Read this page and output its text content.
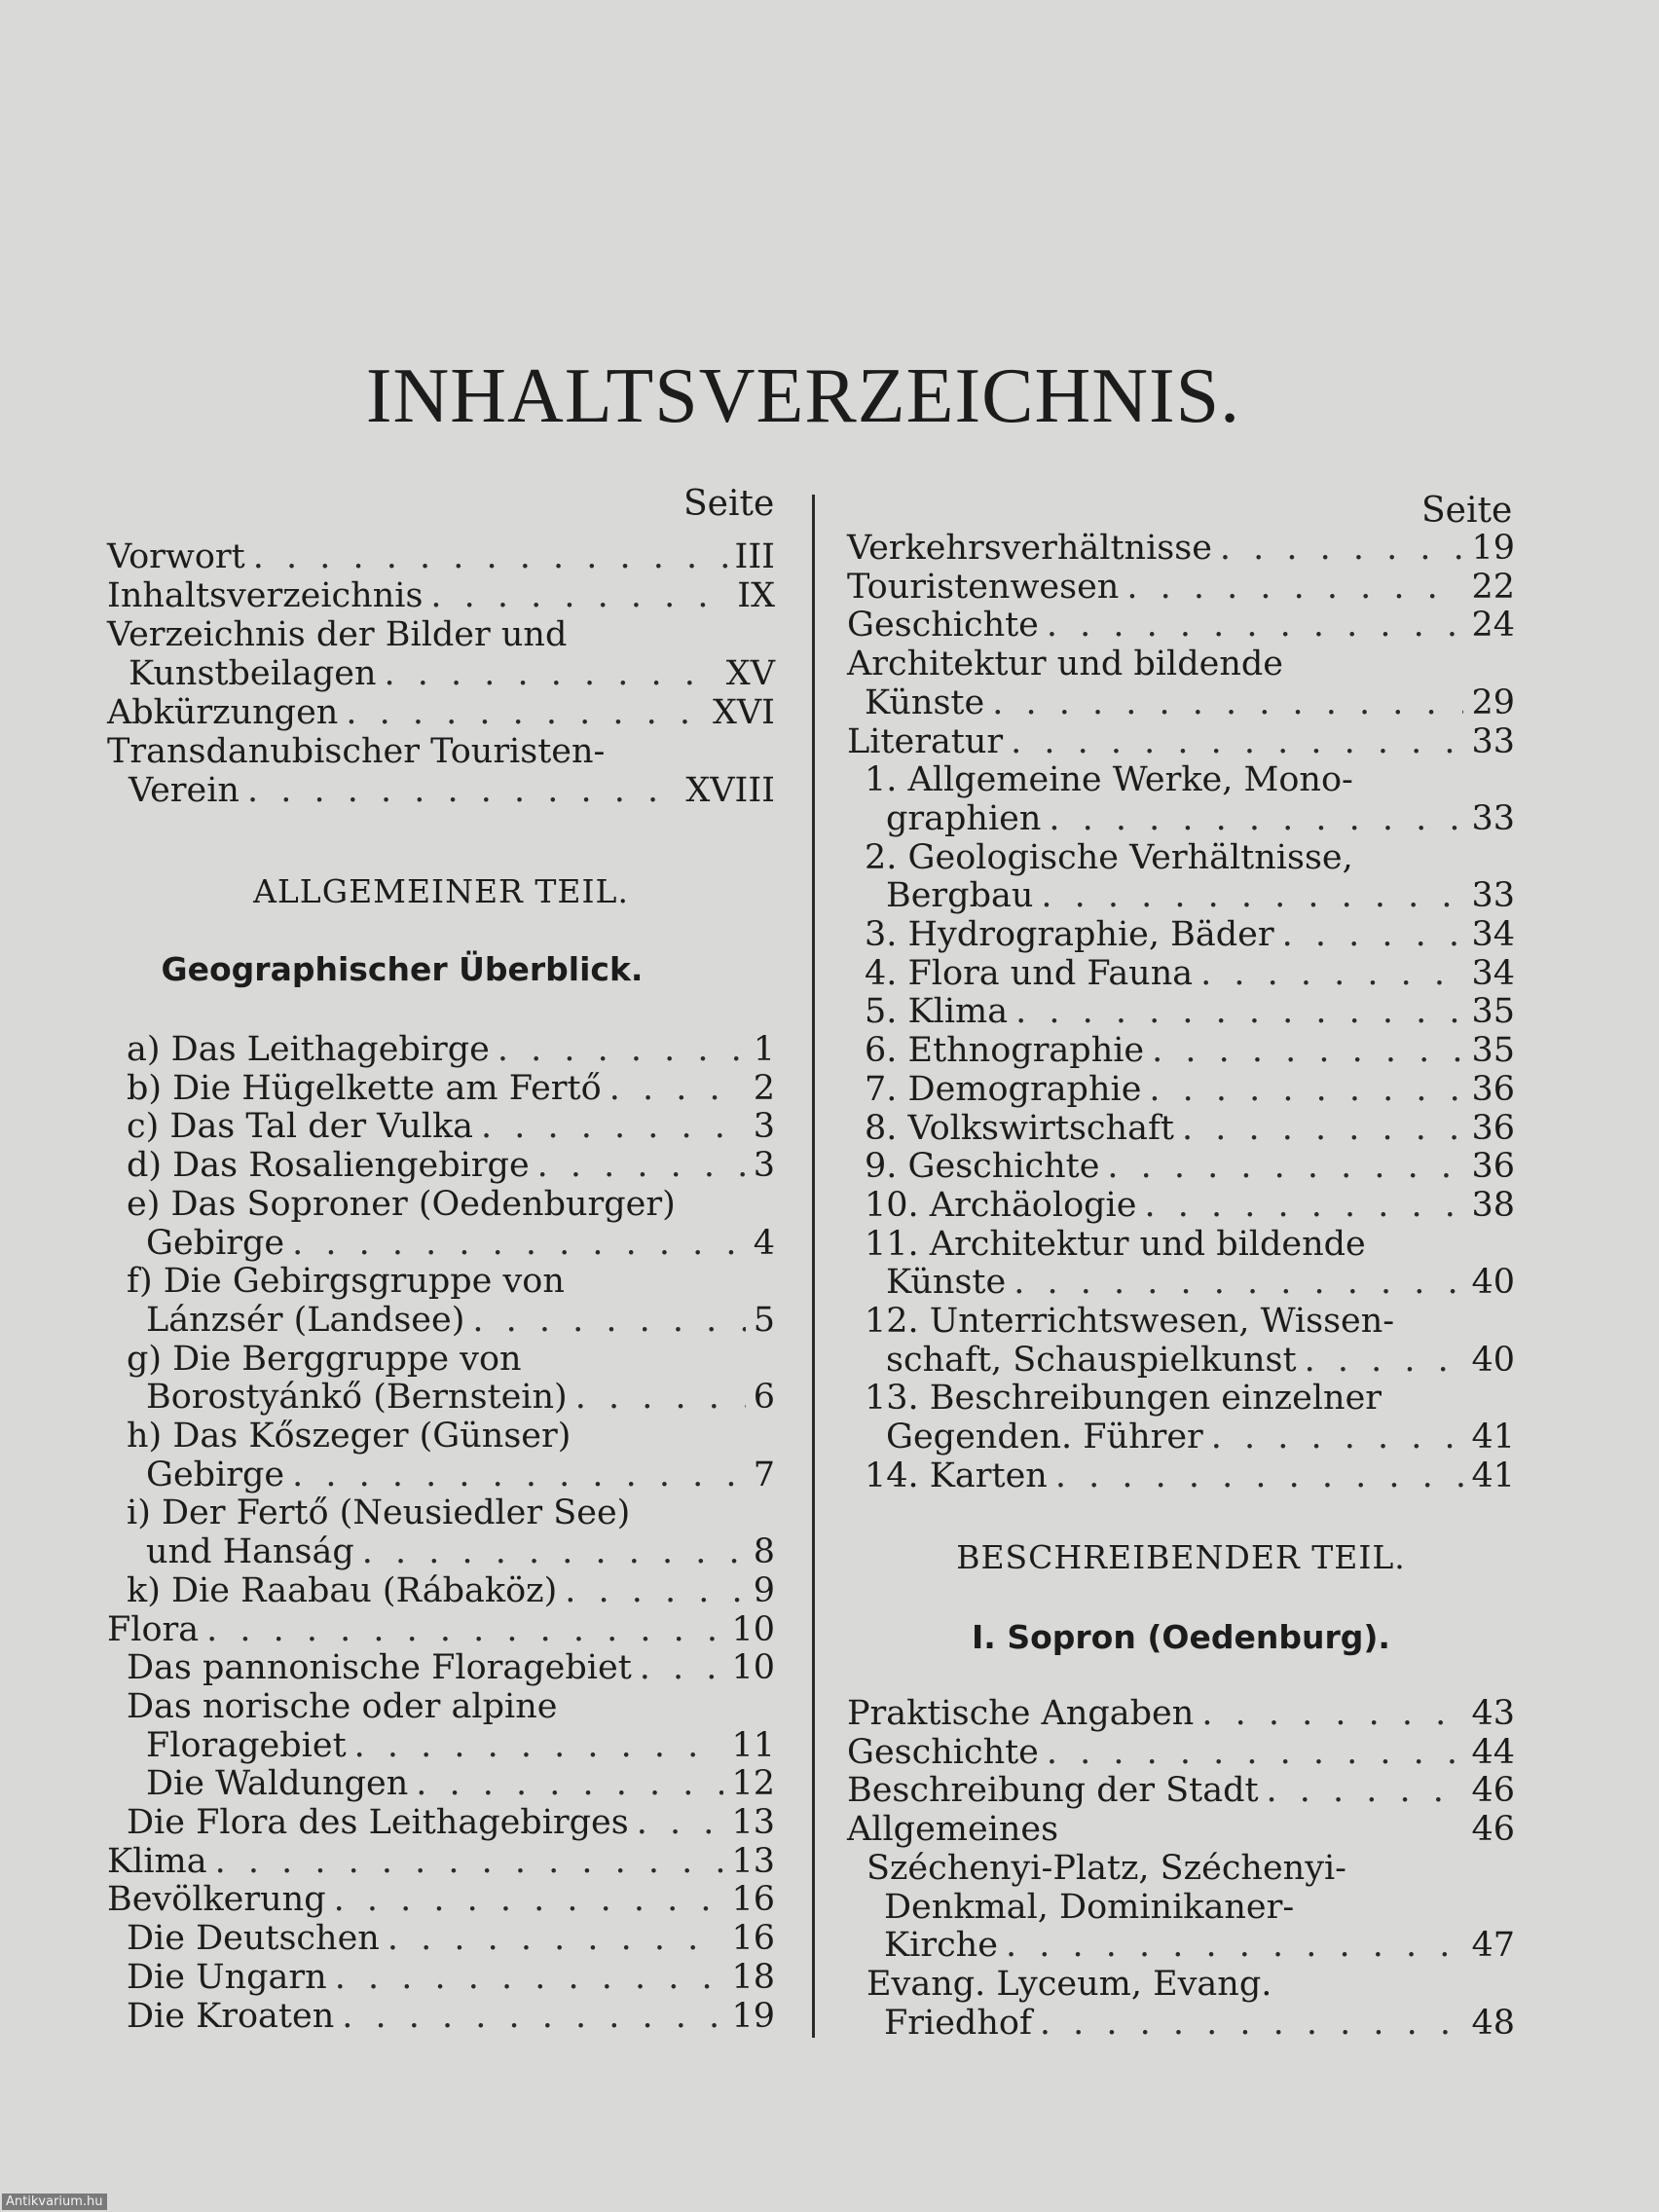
INHALTSVERZEICHNIS.
Seite
Vorwort . . .	III
Inhaltsverzeichnis . . .	IX
Verzeichnis der Bilder und
Kunstbeilagen . . .	XV
Abkürzungen . . .	XVI
Transdanubischer Touristen-
Verein . . .	XVIII
ALLGEMEINER TEIL.
Geographischer Überblick.
a) Das Leithagebirge . . .	1
b) Die Hügelkette am Fertő . . .	2
c) Das Tal der Vulka . . .	3
d) Das Rosaliengebirge . . .	3
e) Das Soproner (Oedenburger)
Gebirge . . .	4
f) Die Gebirgsgruppe von
Lánzsér (Landsee) . . .	5
g) Die Berggruppe von
Borostyánkő (Bernstein) . . .	6
h) Das Kőszeger (Günser)
Gebirge . . .	7
i) Der Fertő (Neusiedler See)
und Hanság . . .	8
k) Die Raabau (Rábaköz) . . .	9
Flora . . .	10
Das pannonische Floragebiet . . .	10
Das norische oder alpine
Floragebiet . . .	11
Die Waldungen . . .	12
Die Flora des Leithagebirges . . .	13
Klima . . .	13
Bevölkerung . . .	16
Die Deutschen . . .	16
Die Ungarn . . .	18
Die Kroaten . . .	19
Seite
Verkehrsverhältnisse . . .	19
Touristenwesen . . .	22
Geschichte . . .	24
Architektur und bildende
Künste . . .	29
Literatur . . .	33
1. Allgemeine Werke, Mono-
graphien . . .	33
2. Geologische Verhältnisse,
Bergbau . . .	33
3. Hydrographie, Bäder . . .	34
4. Flora und Fauna . . .	34
5. Klima . . .	35
6. Ethnographie . . .	35
7. Demographie . . .	36
8. Volkswirtschaft . . .	36
9. Geschichte . . .	36
10. Archäologie . . .	38
11. Architektur und bildende
Künste . . .	40
12. Unterrichtswesen, Wissen-
schaft, Schauspielkunst . . .	40
13. Beschreibungen einzelner
Gegenden. Führer . . .	41
14. Karten . . .	41
BESCHREIBENDER TEIL.
I. Sopron (Oedenburg).
Praktische Angaben . . .	43
Geschichte . . .	44
Beschreibung der Stadt . . .	46
Allgemeines	46
Széchenyi-Platz, Széchenyi-
Denkmal, Dominikaner-
Kirche . . .	47
Evang. Lyceum, Evang.
Friedhof . . .	48
Antikvarium.hu
